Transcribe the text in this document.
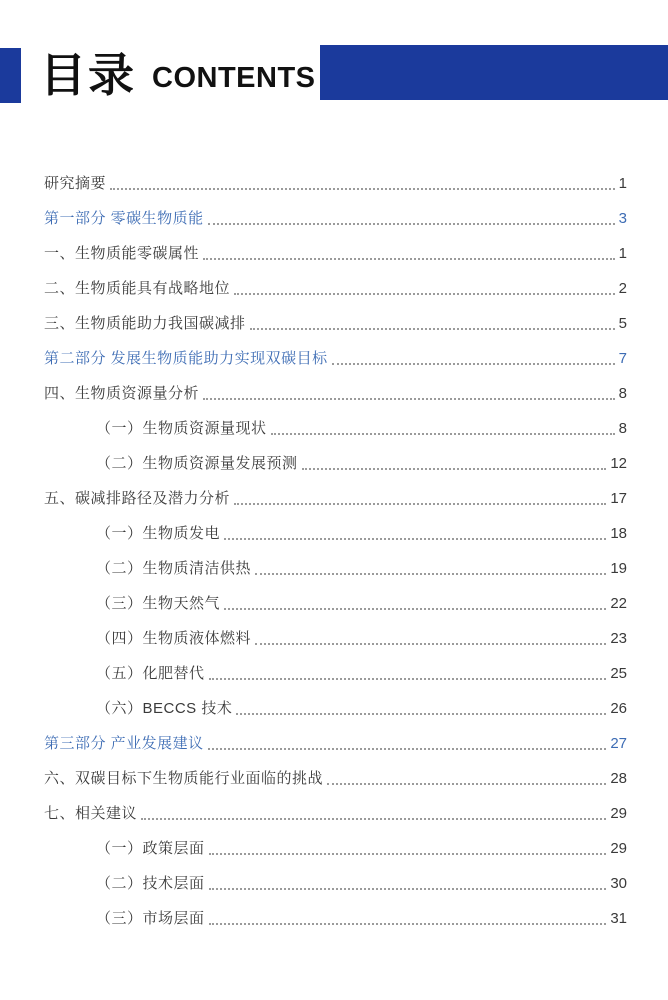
目录 CONTENTS
研究摘要	1
第一部分 零碳生物质能	3
一、生物质能零碳属性	1
二、生物质能具有战略地位	2
三、生物质能助力我国碳减排	5
第二部分 发展生物质能助力实现双碳目标	7
四、生物质资源量分析	8
（一）生物质资源量现状	8
（二）生物质资源量发展预测	12
五、碳减排路径及潜力分析	17
（一）生物质发电	18
（二）生物质清洁供热	19
（三）生物天然气	22
（四）生物质液体燃料	23
（五）化肥替代	25
（六）BECCS 技术	26
第三部分 产业发展建议	27
六、双碳目标下生物质能行业面临的挑战	28
七、相关建议	29
（一）政策层面	29
（二）技术层面	30
（三）市场层面	31
